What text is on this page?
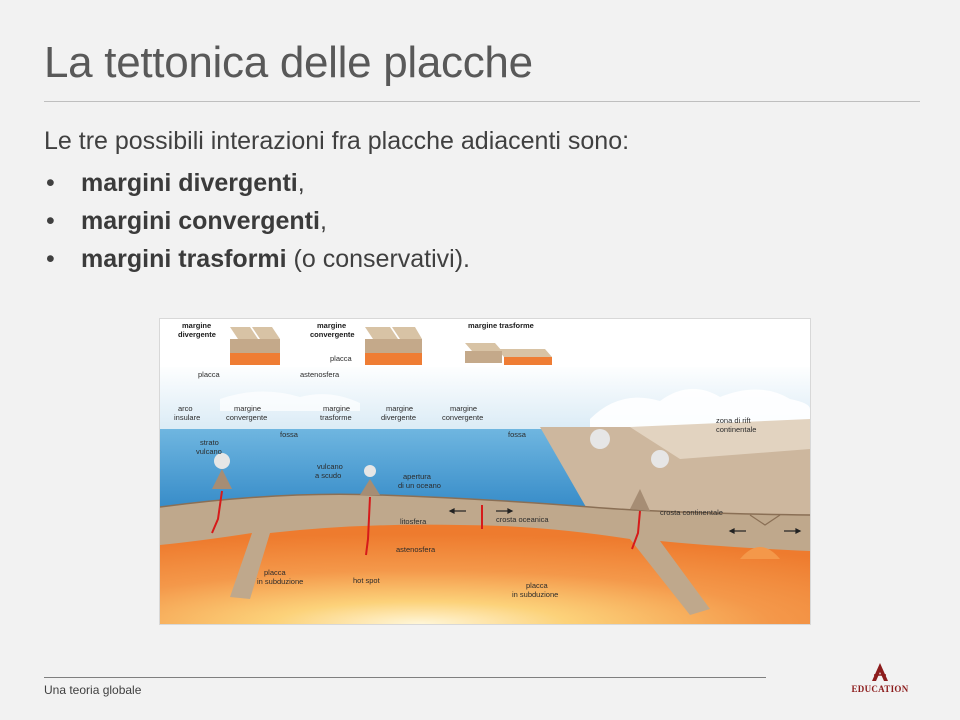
La tettonica delle placche

Le tre possibili interazioni fra placche adiacenti sono:

• margini divergenti,
• margini convergenti,
• margini trasformi (o conservativi).
margine
divergente
margine
convergente
margine trasforme
placca
placca	astenosfera
arco
insulare
margine
convergente
margine
trasforme
margine
divergente
margine
convergente
fossa	fossa
strato
vulcano
vulcano
a scudo	apertura
di un oceano
zona di rift
continentale
litosfera	crosta oceanica
crosta continentale
astenosfera
placca
in subduzione	hot spot
placca
in subduzione
Una teoria globale	EDUCATION
